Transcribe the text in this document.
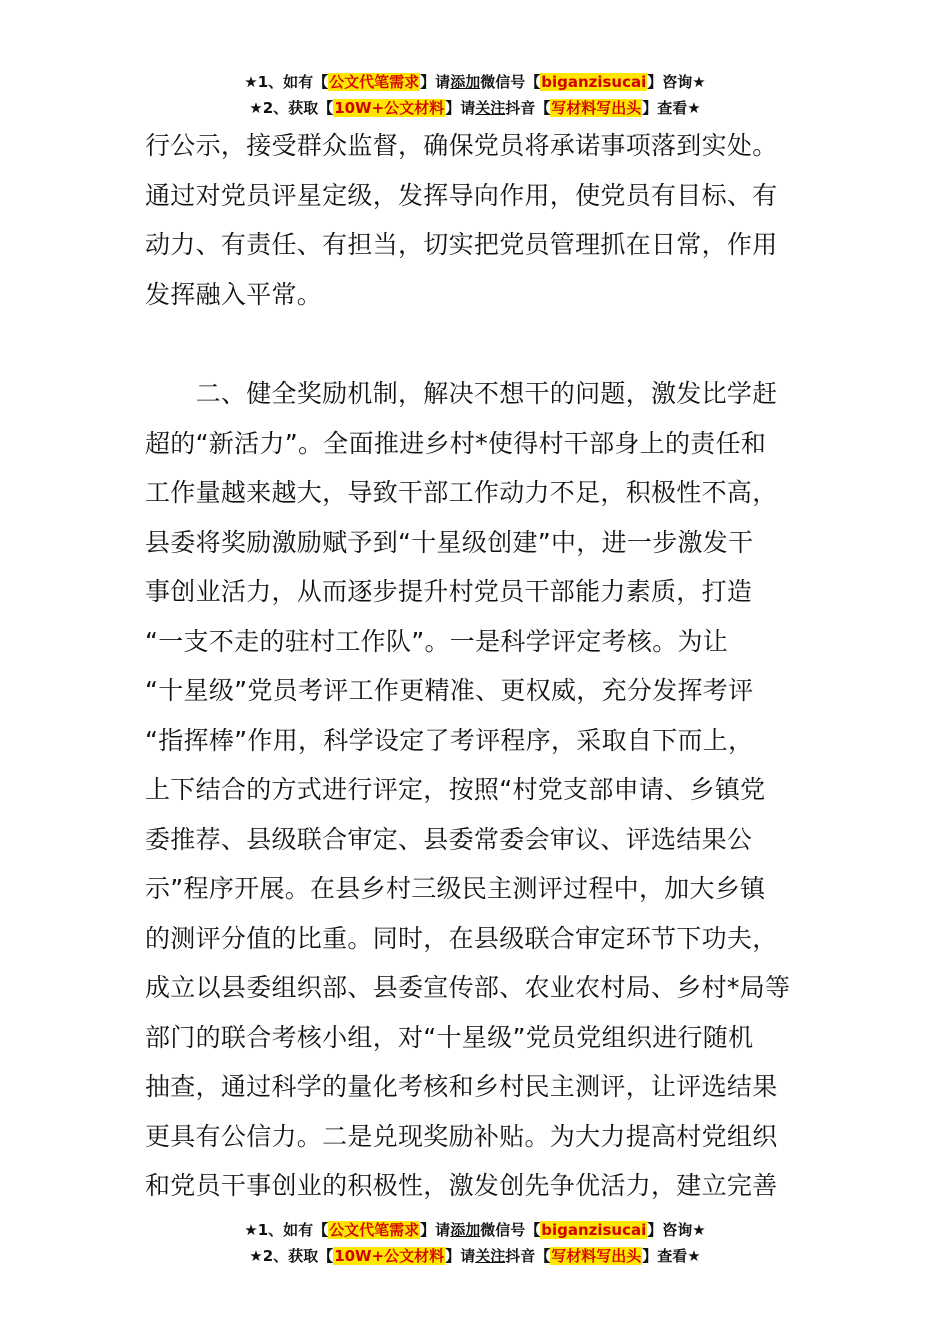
★1、如有【公文代笔需求】请添加微信号【biganzisucai】咨询★
★2、获取【10W+公文材料】请关注抖音【写材料写出头】查看★
行公示，接受群众监督，确保党员将承诺事项落到实处。
通过对党员评星定级，发挥导向作用，使党员有目标、有
动力、有责任、有担当，切实把党员管理抓在日常，作用
发挥融入平常。
　　二、健全奖励机制，解决不想干的问题，激发比学赶
超的“新活力”。全面推进乡村*使得村干部身上的责任和
工作量越来越大，导致干部工作动力不足，积极性不高，
县委将奖励激励赋予到“十星级创建”中，进一步激发干
事创业活力，从而逐步提升村党员干部能力素质，打造
“一支不走的驻村工作队”。一是科学评定考核。为让
“十星级”党员考评工作更精准、更权威，充分发挥考评
“指挥棒”作用，科学设定了考评程序，采取自下而上，
上下结合的方式进行评定，按照“村党支部申请、乡镇党
委推荐、县级联合审定、县委常委会审议、评选结果公
示”程序开展。在县乡村三级民主测评过程中，加大乡镇
的测评分值的比重。同时，在县级联合审定环节下功夫，
成立以县委组织部、县委宣传部、农业农村局、乡村*局等
部门的联合考核小组，对“十星级”党员党组织进行随机
抽查，通过科学的量化考核和乡村民主测评，让评选结果
更具有公信力。二是兑现奖励补贴。为大力提高村党组织
和党员干事创业的积极性，激发创先争优活力，建立完善
★1、如有【公文代笔需求】请添加微信号【biganzisucai】咨询★
★2、获取【10W+公文材料】请关注抖音【写材料写出头】查看★
